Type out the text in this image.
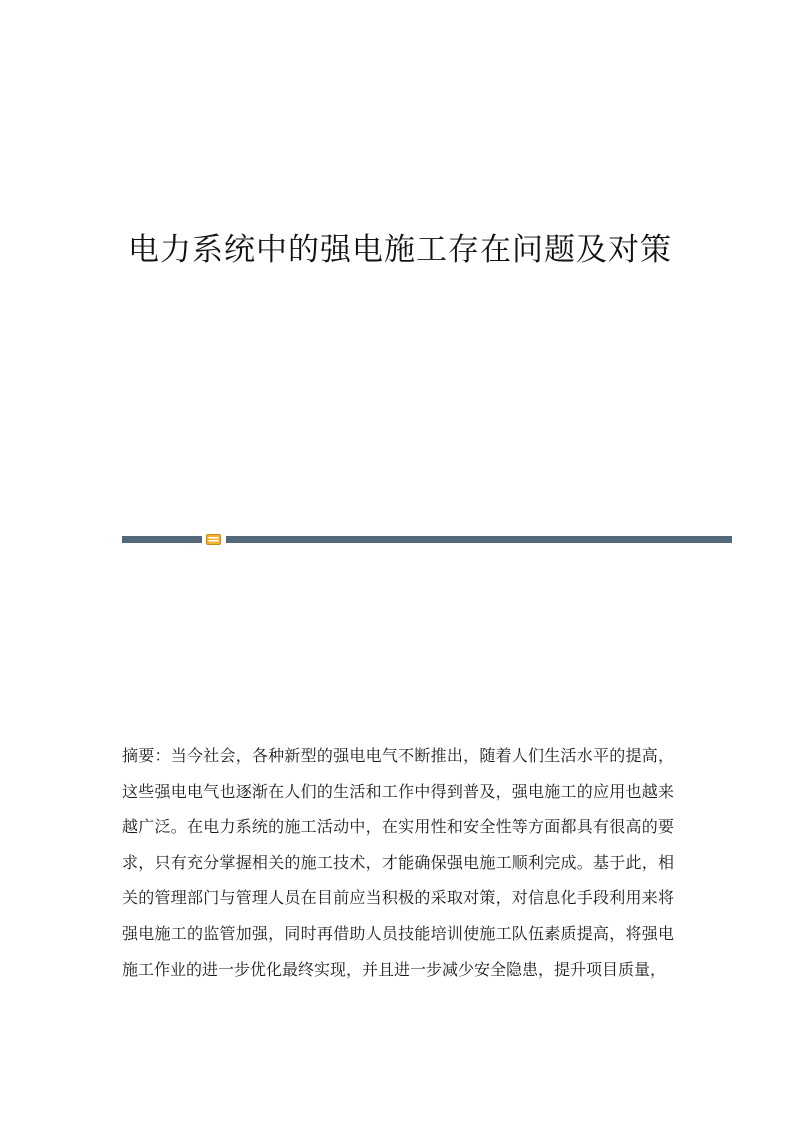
电力系统中的强电施工存在问题及对策

摘要：当今社会，各种新型的强电电气不断推出，随着人们生活水平的提高，这些强电电气也逐渐在人们的生活和工作中得到普及，强电施工的应用也越来越广泛。在电力系统的施工活动中，在实用性和安全性等方面都具有很高的要求，只有充分掌握相关的施工技术，才能确保强电施工顺利完成。基于此，相关的管理部门与管理人员在目前应当积极的采取对策，对信息化手段利用来将强电施工的监管加强，同时再借助人员技能培训使施工队伍素质提高，将强电施工作业的进一步优化最终实现，并且进一步减少安全隐患，提升项目质量，
